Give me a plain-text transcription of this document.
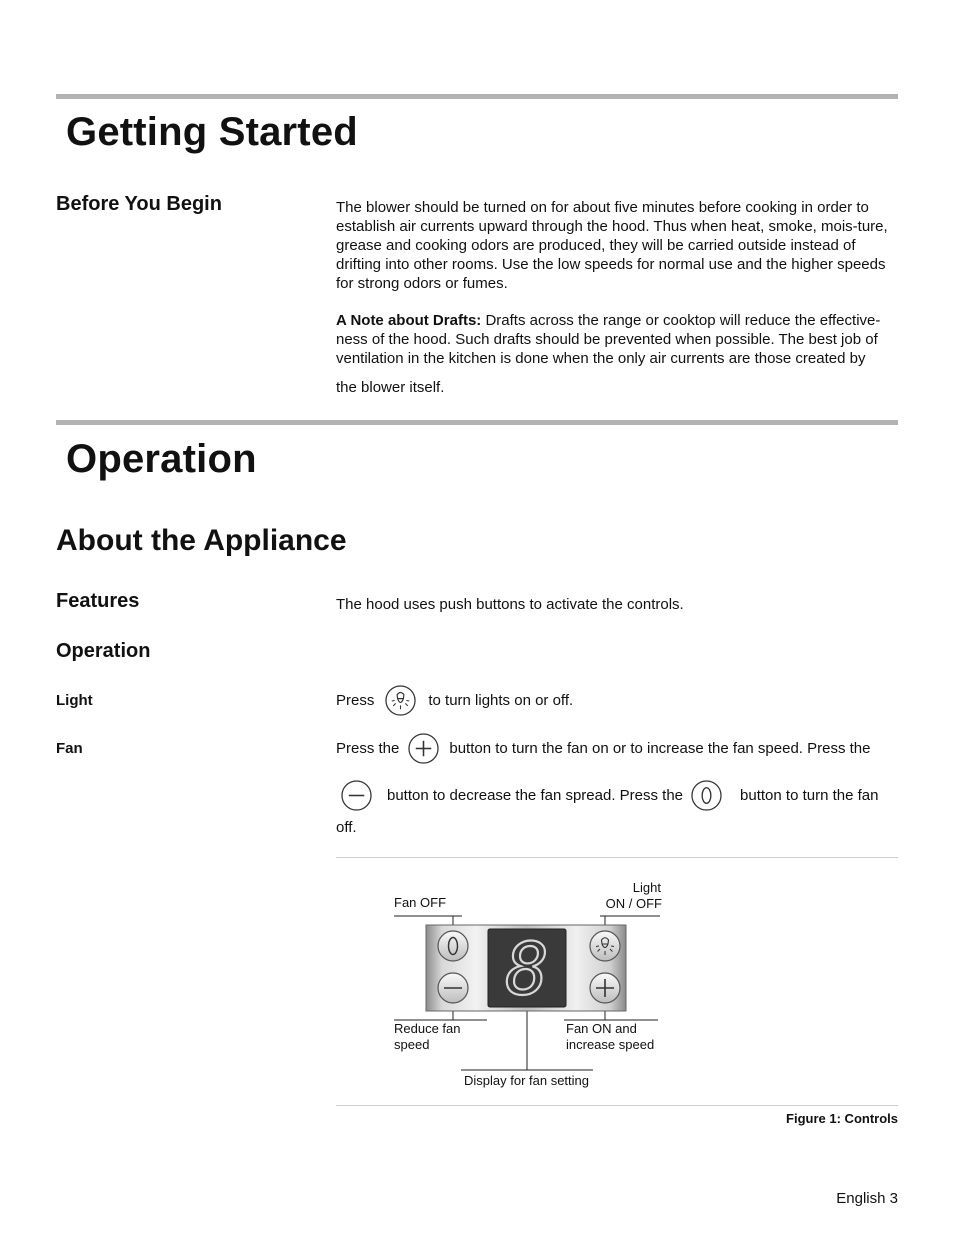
Getting Started
Before You Begin	The blower should be turned on for about five minutes before cooking in order to establish air currents upward through the hood. Thus when heat, smoke, mois-ture, grease and cooking odors are produced, they will be carried outside instead of drifting into other rooms. Use the low speeds for normal use and the higher speeds for strong odors or fumes.

A Note about Drafts: Drafts across the range or cooktop will reduce the effective-ness of the hood. Such drafts should be prevented when possible. The best job of ventilation in the kitchen is done when the only air currents are those created by

the blower itself.

Operation
About the Appliance
Features	The hood uses push buttons to activate the controls.
Operation
Light	Press	to turn lights on or off.
Fan	Press the	button to turn the fan on or to increase the fan speed. Press the
button to decrease the fan spread. Press the	button to turn the fan
off.
Fan OFF
Light
ON / OFF
8
Reduce fan
speed
Fan ON and
increase speed
Display for fan setting
Figure 1: Controls
English 3
